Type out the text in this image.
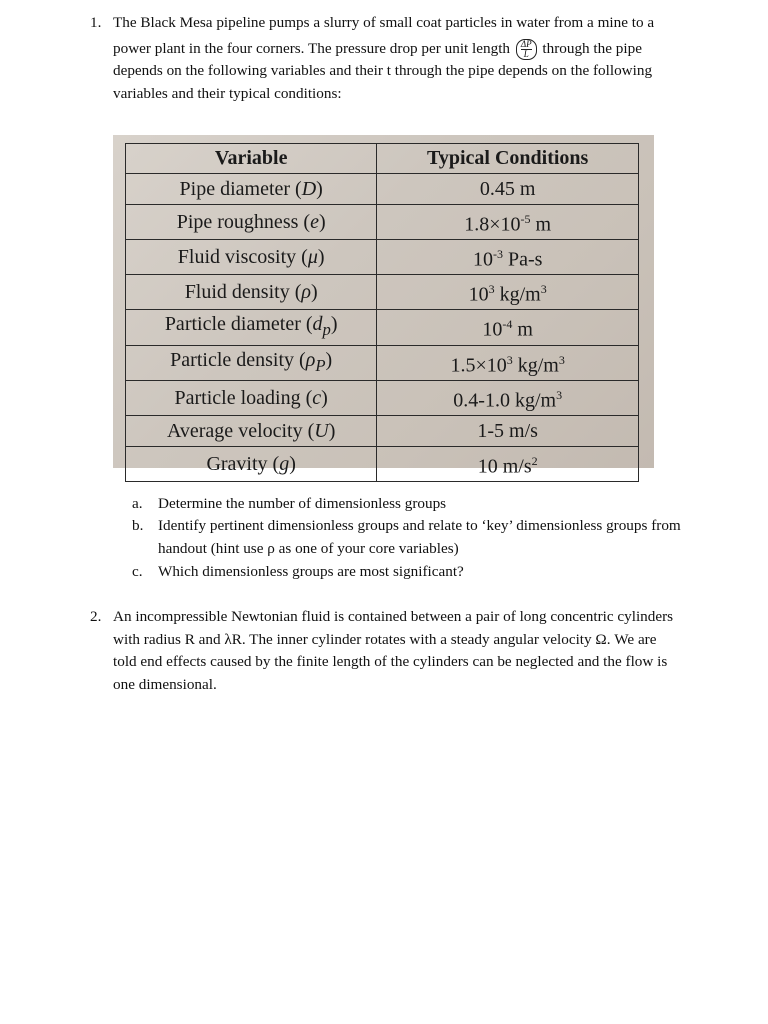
1. The Black Mesa pipeline pumps a slurry of small coat particles in water from a mine to a
power plant in the four corners. The pressure drop per unit length $\frac{\Delta P}{L}$ through the pipe
depends on the following variables and their t through the pipe depends on the following
variables and their typical conditions:
Variable	Typical Conditions
Pipe diameter (D)	0.45 m
Pipe roughness (e)	$1.8\times 10^{-5}$ m
Fluid viscosity (μ)	$10^{-3}$ Pa-s
Fluid density (ρ)	$10^3$ $kg/m^3$
Particle diameter $(d_p)$	$10^{-4}$ m
Particle density $(\rho_P)$	$1.5\times 10^3$ $kg/m^3$
Particle loading (c)	0.4-1.0 $kg/m^3$
Average velocity (U)	1-5 m/s
Gravity (g)	10 $m/s^2$
a. Determine the number of dimensionless groups
b. Identify pertinent dimensionless groups and relate to ‘key’ dimensionless groups from
handout (hint use ρ as one of your core variables)
c. Which dimensionless groups are most significant?
2. An incompressible Newtonian fluid is contained between a pair of long concentric cylinders
with radius R and λR. The inner cylinder rotates with a steady angular velocity Ω. We are
told end effects caused by the finite length of the cylinders can be neglected and the flow is
one dimensional.
